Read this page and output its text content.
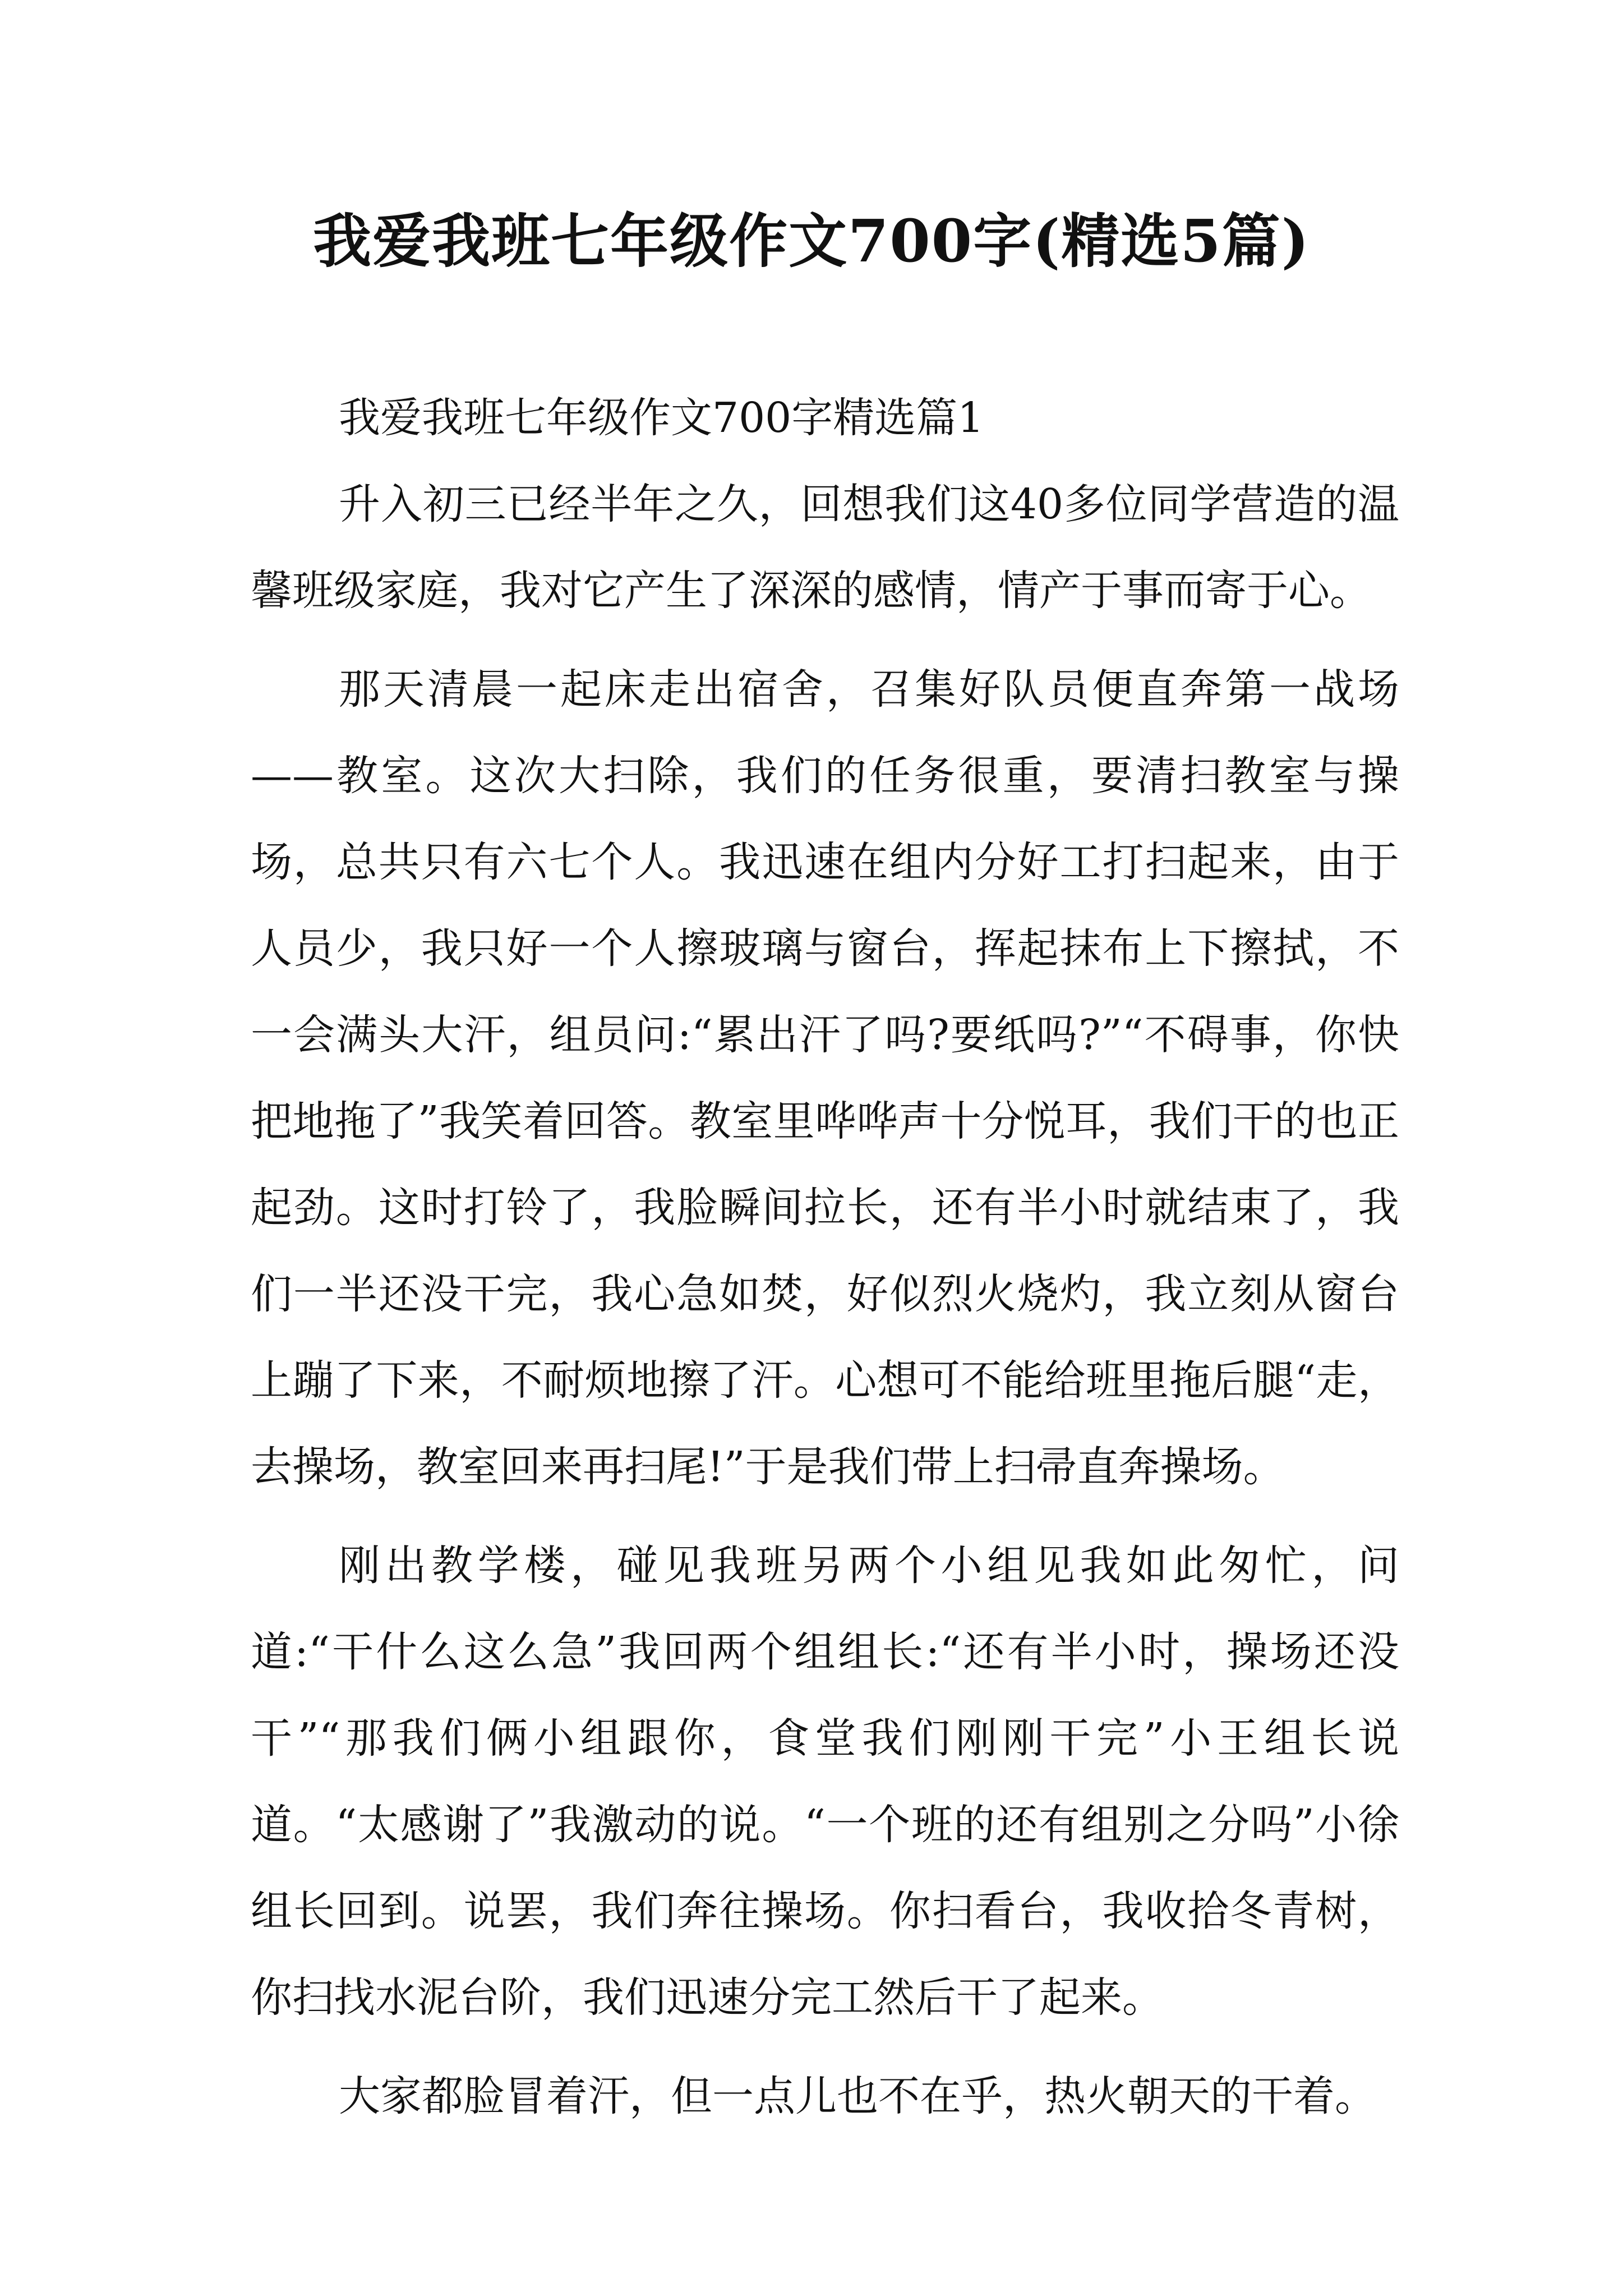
我爱我班七年级作文700字(精选5篇)

我爱我班七年级作文700字精选篇1

升入初三已经半年之久，回想我们这40多位同学营造的温馨班级家庭，我对它产生了深深的感情，情产于事而寄于心。

那天清晨一起床走出宿舍，召集好队员便直奔第一战场——教室。这次大扫除，我们的任务很重，要清扫教室与操场，总共只有六七个人。我迅速在组内分好工打扫起来，由于人员少，我只好一个人擦玻璃与窗台，挥起抹布上下擦拭，不一会满头大汗，组员问:“累出汗了吗?要纸吗?”“不碍事，你快把地拖了”我笑着回答。教室里哗哗声十分悦耳，我们干的也正起劲。这时打铃了，我脸瞬间拉长，还有半小时就结束了，我们一半还没干完，我心急如焚，好似烈火烧灼，我立刻从窗台上蹦了下来，不耐烦地擦了汗。心想可不能给班里拖后腿“走，去操场，教室回来再扫尾!”于是我们带上扫帚直奔操场。

刚出教学楼，碰见我班另两个小组见我如此匆忙，问道:“干什么这么急”我回两个组组长:“还有半小时，操场还没干”“那我们俩小组跟你，食堂我们刚刚干完”小王组长说道。“太感谢了”我激动的说。“一个班的还有组别之分吗”小徐组长回到。说罢，我们奔往操场。你扫看台，我收拾冬青树，你扫找水泥台阶，我们迅速分完工然后干了起来。

大家都脸冒着汗，但一点儿也不在乎，热火朝天的干着。
